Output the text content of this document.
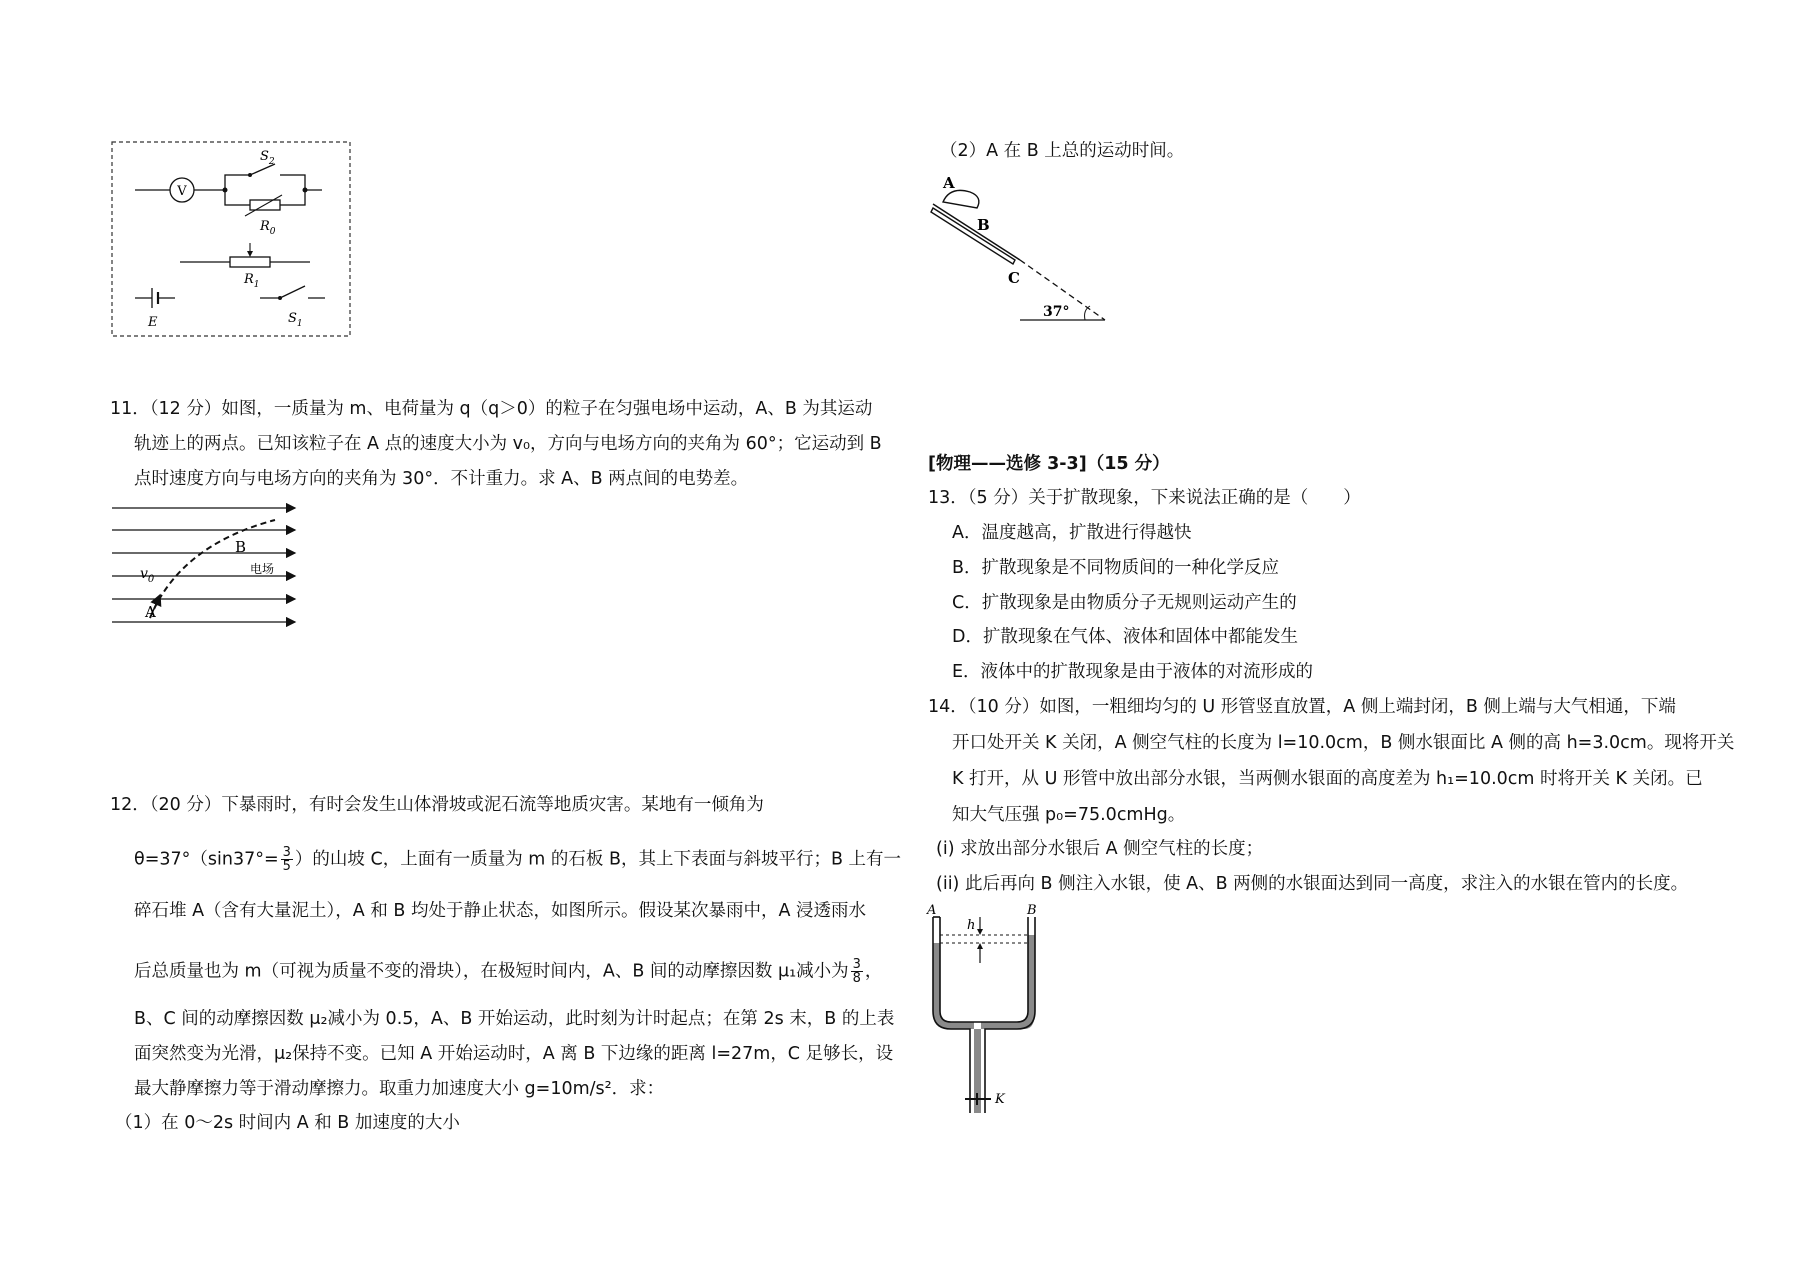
V
$S_2$
$R_0$
$R_1$
E	$S_1$
11．（12 分）如图，一质量为 m、电荷量为 q（q＞0）的粒子在匀强电场中运动，A、B 为其运动
轨迹上的两点。已知该粒子在 A 点的速度大小为 v₀，方向与电场方向的夹角为 60°；它运动到 B
点时速度方向与电场方向的夹角为 30°．不计重力。求 A、B 两点间的电势差。
B
$v_0$
电场
A
12．（20 分）下暴雨时，有时会发生山体滑坡或泥石流等地质灾害。某地有一倾角为
$\theta=37^\circ(\sin 37^\circ= \frac{3}{5}$ ）的山坡 C，上面有一质量为 m 的石板 B，其上下表面与斜坡平行；B 上有一
碎石堆 A（含有大量泥土），A 和 B 均处于静止状态，如图所示。假设某次暴雨中，A 浸透雨水
后总质量也为 m（可视为质量不变的滑块），在极短时间内，A、B 间的动摩擦因数 μ₁减小为 $\frac{3}{8}$ ，
B、C 间的动摩擦因数 μ₂减小为 0.5，A、B 开始运动，此时刻为计时起点；在第 2s 末，B 的上表
面突然变为光滑，μ₂保持不变。已知 A 开始运动时，A 离 B 下边缘的距离 l=27m，C 足够长，设
最大静摩擦力等于滑动摩擦力。取重力加速度大小 g=10m/s²．求：
（1）在 0～2s 时间内 A 和 B 加速度的大小
（2）A 在 B 上总的运动时间。
A
B
C
37°
[物理——选修 3-3]（15 分）
13．（5 分）关于扩散现象，下来说法正确的是（　　）
A．温度越高，扩散进行得越快
B．扩散现象是不同物质间的一种化学反应
C．扩散现象是由物质分子无规则运动产生的
D．扩散现象在气体、液体和固体中都能发生
E．液体中的扩散现象是由于液体的对流形成的
14．（10 分）如图，一粗细均匀的 U 形管竖直放置，A 侧上端封闭，B 侧上端与大气相通，下端
开口处开关 K 关闭，A 侧空气柱的长度为 l=10.0cm，B 侧水银面比 A 侧的高 h=3.0cm。现将开关
K 打开，从 U 形管中放出部分水银，当两侧水银面的高度差为 h₁=10.0cm 时将开关 K 关闭。已
知大气压强 p₀=75.0cmHg。
(i) 求放出部分水银后 A 侧空气柱的长度；
(ii) 此后再向 B 侧注入水银，使 A、B 两侧的水银面达到同一高度，求注入的水银在管内的长度。
h
A	B
K
